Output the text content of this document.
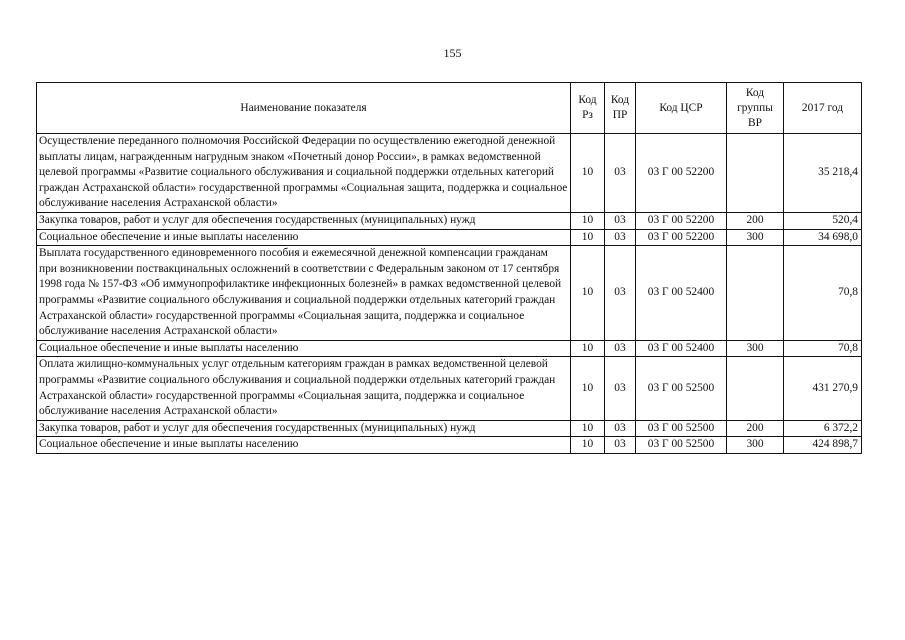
155
Наименование показателя	Код Рз	Код ПР	Код ЦСР	Код группы ВР	2017 год
Осуществление переданного полномочия Российской Федерации по осуществлению ежегодной денежной выплаты лицам, награжденным нагрудным знаком «Почетный донор России», в рамках ведомственной целевой программы «Развитие социального обслуживания и социальной поддержки отдельных категорий граждан Астраханской области» государственной программы «Социальная защита, поддержка и социальное обслуживание населения Астраханской области»	10	03	03 Г 00 52200		35 218,4
Закупка товаров, работ и услуг для обеспечения государственных (муниципальных) нужд	10	03	03 Г 00 52200	200	520,4
Социальное обеспечение и иные выплаты населению	10	03	03 Г 00 52200	300	34 698,0
Выплата государственного единовременного пособия и ежемесячной денежной компенсации гражданам при возникновении поствакцинальных осложнений в соответствии с Федеральным законом от 17 сентября 1998 года № 157-ФЗ «Об иммунопрофилактике инфекционных болезней» в рамках ведомственной целевой программы «Развитие социального обслуживания и социальной поддержки отдельных категорий граждан Астраханской области» государственной программы «Социальная защита, поддержка и социальное обслуживание населения Астраханской области»	10	03	03 Г 00 52400		70,8
Социальное обеспечение и иные выплаты населению	10	03	03 Г 00 52400	300	70,8
Оплата жилищно-коммунальных услуг отдельным категориям граждан в рамках ведомственной целевой программы «Развитие социального обслуживания и социальной поддержки отдельных категорий граждан Астраханской области» государственной программы «Социальная защита, поддержка и социальное обслуживание населения Астраханской области»	10	03	03 Г 00 52500		431 270,9
Закупка товаров, работ и услуг для обеспечения государственных (муниципальных) нужд	10	03	03 Г 00 52500	200	6 372,2
Социальное обеспечение и иные выплаты населению	10	03	03 Г 00 52500	300	424 898,7
